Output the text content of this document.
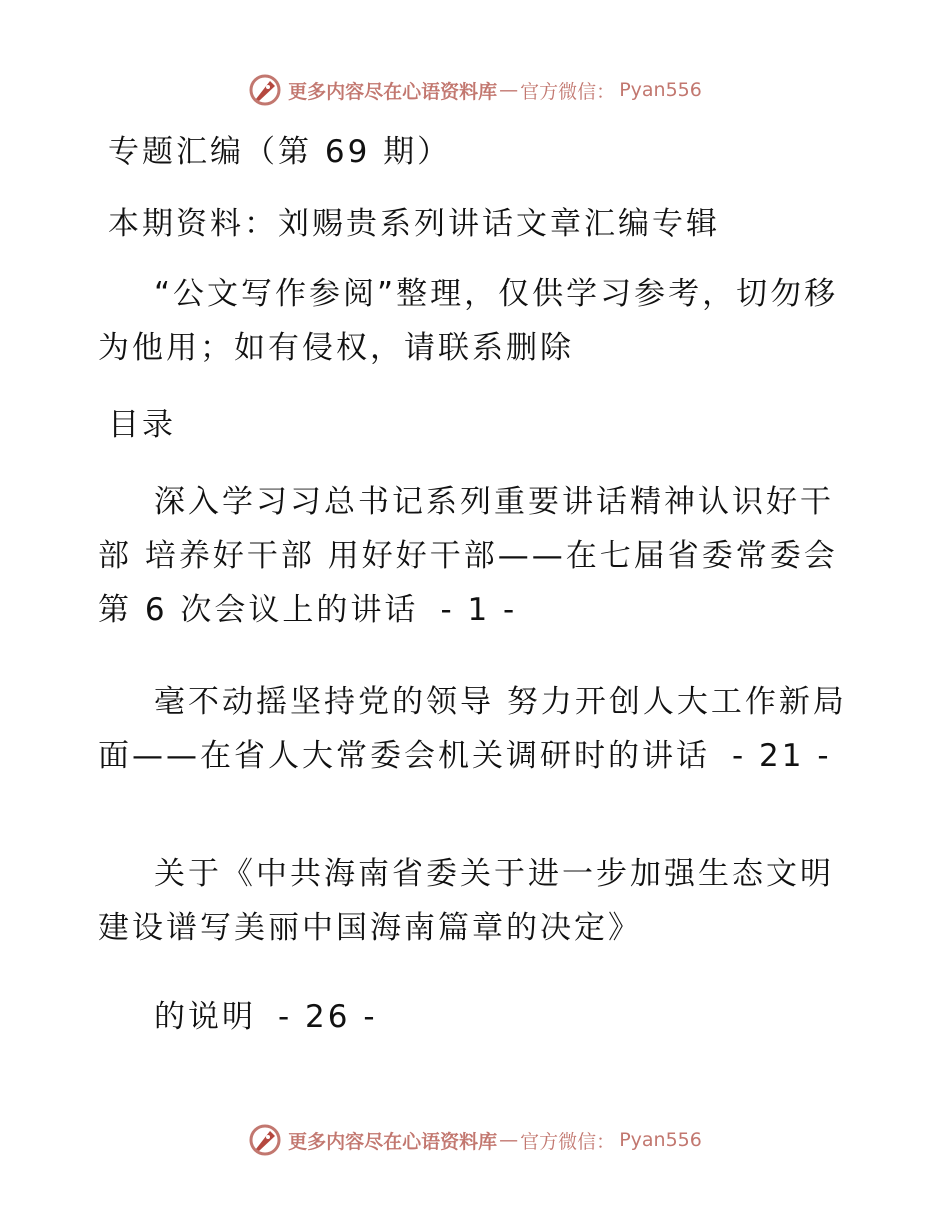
更多内容尽在心语资料库 — 官方微信： Pyan556

专题汇编（第 69 期）

本期资料：刘赐贵系列讲话文章汇编专辑

“公文写作参阅”整理，仅供学习参考，切勿移为他用；如有侵权，请联系删除

目录

深入学习习总书记系列重要讲话精神认识好干部 培养好干部 用好好干部——在七届省委常委会第 6 次会议上的讲话 - 1 -

毫不动摇坚持党的领导 努力开创人大工作新局面——在省人大常委会机关调研时的讲话 - 21 -

关于《中共海南省委关于进一步加强生态文明建设谱写美丽中国海南篇章的决定》

的说明 - 26 -

更多内容尽在心语资料库 — 官方微信： Pyan556
